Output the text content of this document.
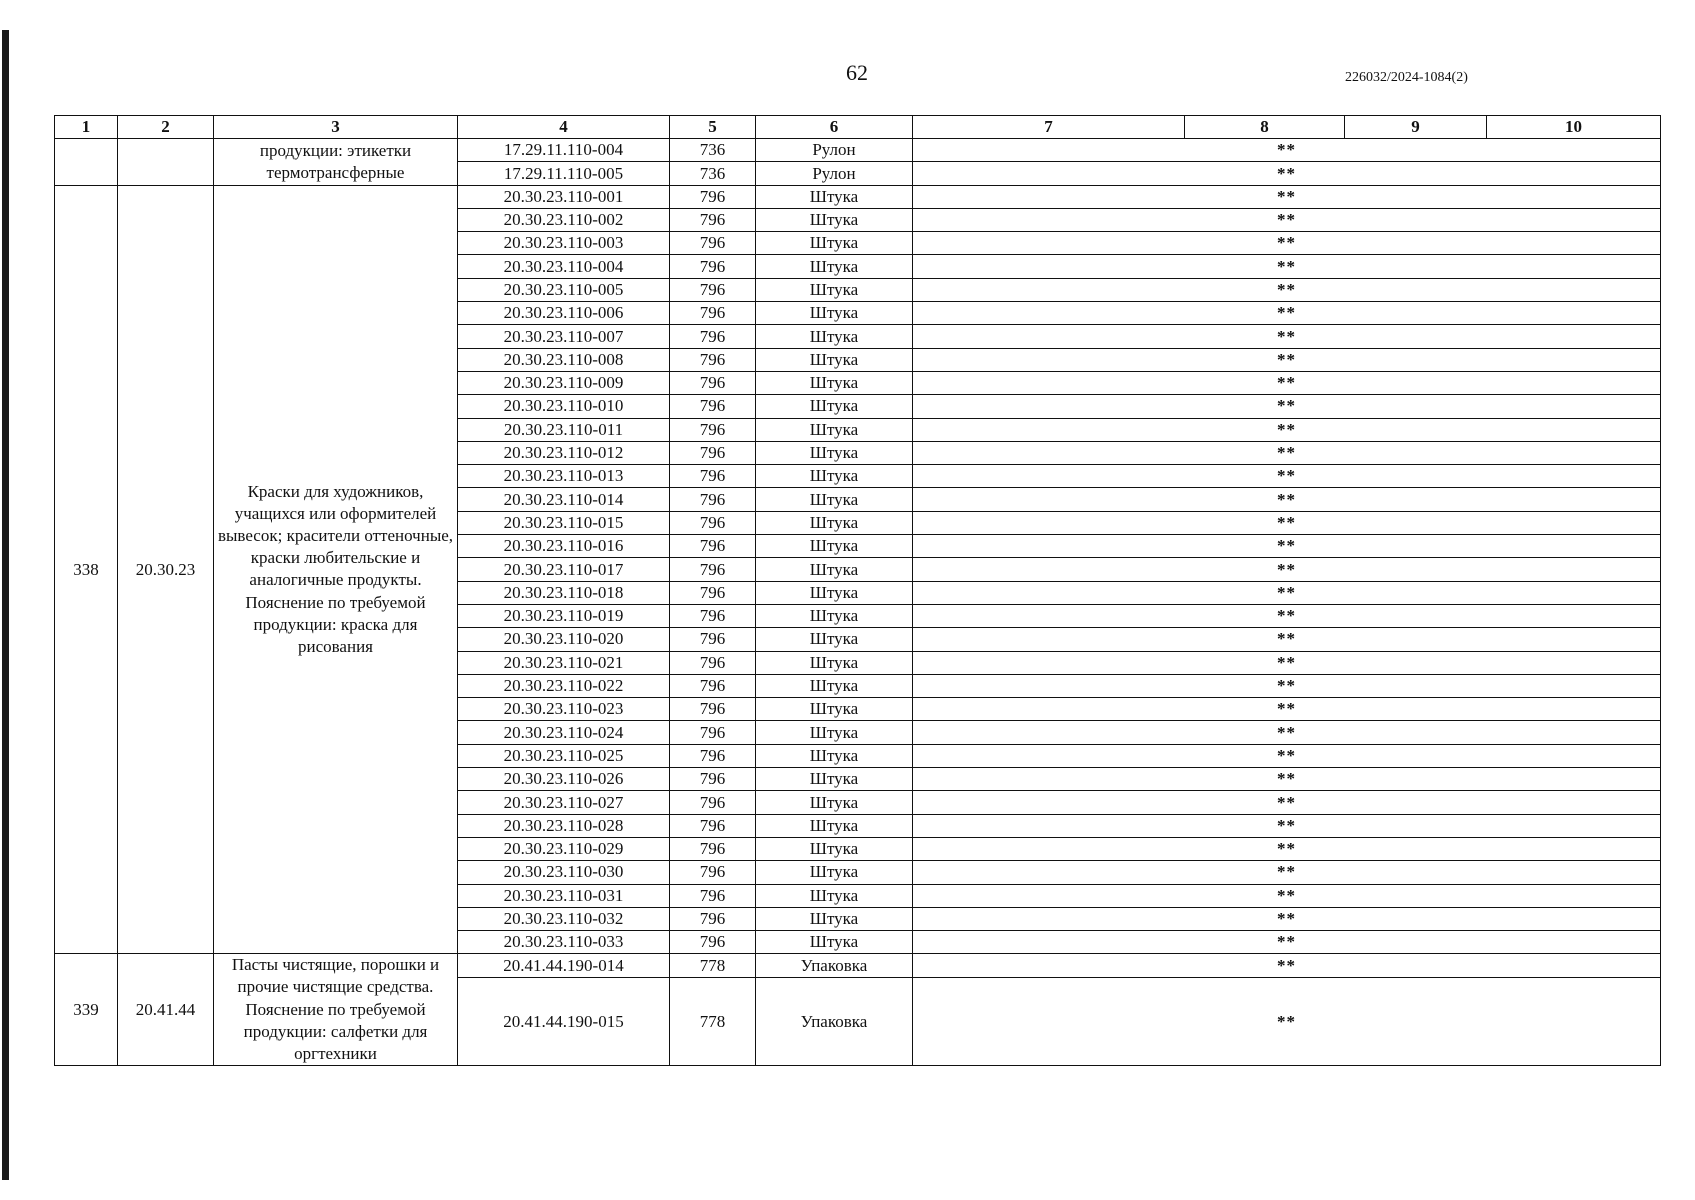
62	226032/2024-1084(2)
1	2	3	4	5	6	7	8	9	10
		продукции: этикетки термотрансферные	17.29.11.110-004	736	Рулон	**			
			17.29.11.110-005	736	Рулон	**			
338	20.30.23	Краски для художников, учащихся или оформителей вывесок; красители оттеночные, краски любительские и аналогичные продукты. Пояснение по требуемой продукции: краска для рисования	20.30.23.110-001	796	Штука	**			
			20.30.23.110-002	796	Штука	**			
			20.30.23.110-003	796	Штука	**			
			20.30.23.110-004	796	Штука	**			
			20.30.23.110-005	796	Штука	**			
			20.30.23.110-006	796	Штука	**			
			20.30.23.110-007	796	Штука	**			
			20.30.23.110-008	796	Штука	**			
			20.30.23.110-009	796	Штука	**			
			20.30.23.110-010	796	Штука	**			
			20.30.23.110-011	796	Штука	**			
			20.30.23.110-012	796	Штука	**			
			20.30.23.110-013	796	Штука	**			
			20.30.23.110-014	796	Штука	**			
			20.30.23.110-015	796	Штука	**			
			20.30.23.110-016	796	Штука	**			
			20.30.23.110-017	796	Штука	**			
			20.30.23.110-018	796	Штука	**			
			20.30.23.110-019	796	Штука	**			
			20.30.23.110-020	796	Штука	**			
			20.30.23.110-021	796	Штука	**			
			20.30.23.110-022	796	Штука	**			
			20.30.23.110-023	796	Штука	**			
			20.30.23.110-024	796	Штука	**			
			20.30.23.110-025	796	Штука	**			
			20.30.23.110-026	796	Штука	**			
			20.30.23.110-027	796	Штука	**			
			20.30.23.110-028	796	Штука	**			
			20.30.23.110-029	796	Штука	**			
			20.30.23.110-030	796	Штука	**			
			20.30.23.110-031	796	Штука	**			
			20.30.23.110-032	796	Штука	**			
			20.30.23.110-033	796	Штука	**			
339	20.41.44	Пасты чистящие, порошки и прочие чистящие средства. Пояснение по требуемой продукции: салфетки для оргтехники	20.41.44.190-014	778	Упаковка	**			
			20.41.44.190-015	778	Упаковка	**			
